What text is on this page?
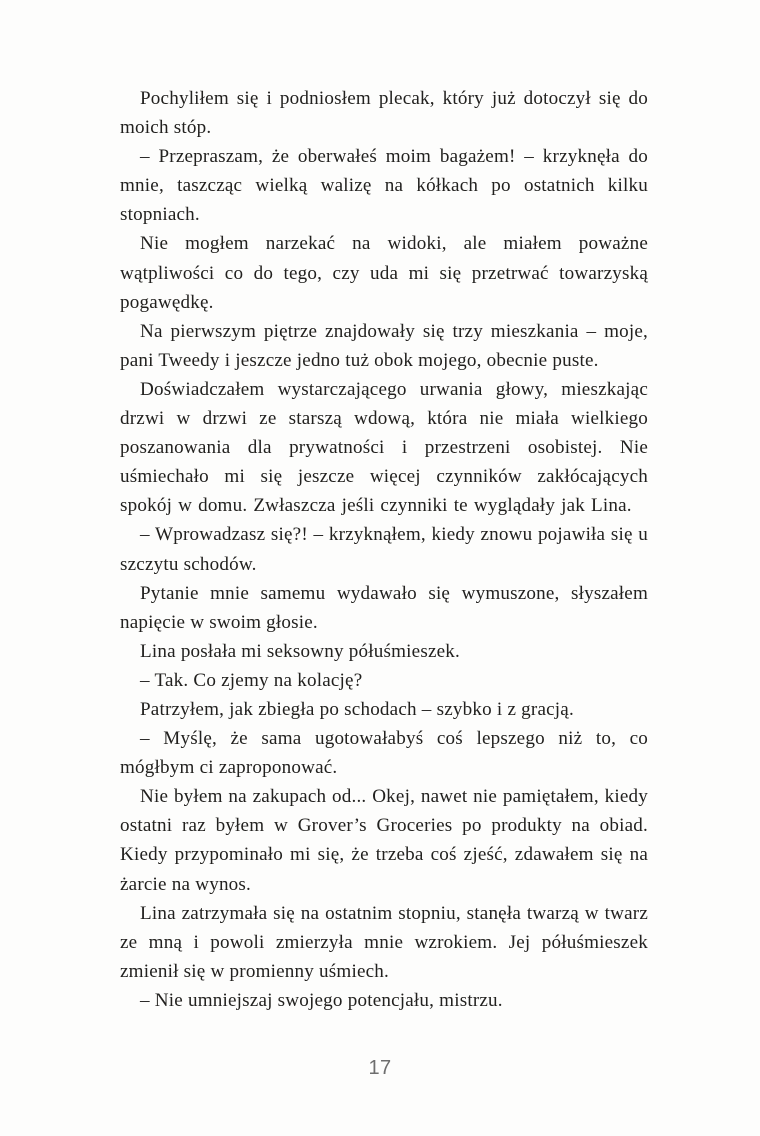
Pochyliłem się i podniosłem plecak, który już dotoczył się do moich stóp.

– Przepraszam, że oberwałeś moim bagażem! – krzyknęła do mnie, taszcząc wielką walizę na kółkach po ostatnich kilku stopniach.

Nie mogłem narzekać na widoki, ale miałem poważne wątpliwości co do tego, czy uda mi się przetrwać towarzyską pogawędkę.

Na pierwszym piętrze znajdowały się trzy mieszkania – moje, pani Tweedy i jeszcze jedno tuż obok mojego, obecnie puste.

Doświadczałem wystarczającego urwania głowy, mieszkając drzwi w drzwi ze starszą wdową, która nie miała wielkiego poszanowania dla prywatności i przestrzeni osobistej. Nie uśmiechało mi się jeszcze więcej czynników zakłócających spokój w domu. Zwłaszcza jeśli czynniki te wyglądały jak Lina.

– Wprowadzasz się?! – krzyknąłem, kiedy znowu pojawiła się u szczytu schodów.

Pytanie mnie samemu wydawało się wymuszone, słyszałem napięcie w swoim głosie.

Lina posłała mi seksowny półuśmieszek.

– Tak. Co zjemy na kolację?

Patrzyłem, jak zbiegła po schodach – szybko i z gracją.

– Myślę, że sama ugotowałabyś coś lepszego niż to, co mógłbym ci zaproponować.

Nie byłem na zakupach od... Okej, nawet nie pamiętałem, kiedy ostatni raz byłem w Grover’s Groceries po produkty na obiad. Kiedy przypominało mi się, że trzeba coś zjeść, zdawałem się na żarcie na wynos.

Lina zatrzymała się na ostatnim stopniu, stanęła twarzą w twarz ze mną i powoli zmierzyła mnie wzrokiem. Jej półuśmieszek zmienił się w promienny uśmiech.

– Nie umniejszaj swojego potencjału, mistrzu.

17
